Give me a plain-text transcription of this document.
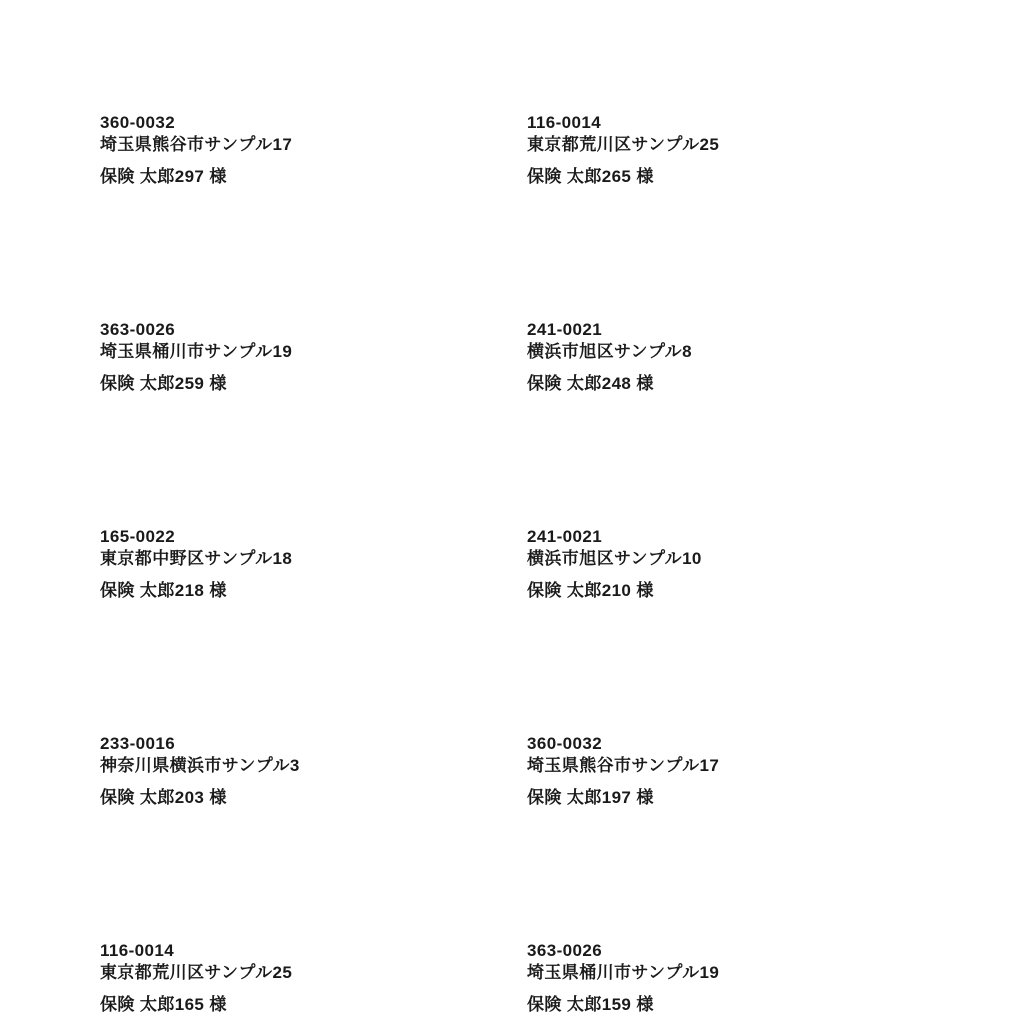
360-0032
埼玉県熊谷市サンプル17
保険 太郎297 様
116-0014
東京都荒川区サンプル25
保険 太郎265 様
363-0026
埼玉県桶川市サンプル19
保険 太郎259 様
241-0021
横浜市旭区サンプル8
保険 太郎248 様
165-0022
東京都中野区サンプル18
保険 太郎218 様
241-0021
横浜市旭区サンプル10
保険 太郎210 様
233-0016
神奈川県横浜市サンプル3
保険 太郎203 様
360-0032
埼玉県熊谷市サンプル17
保険 太郎197 様
116-0014
東京都荒川区サンプル25
保険 太郎165 様
363-0026
埼玉県桶川市サンプル19
保険 太郎159 様
